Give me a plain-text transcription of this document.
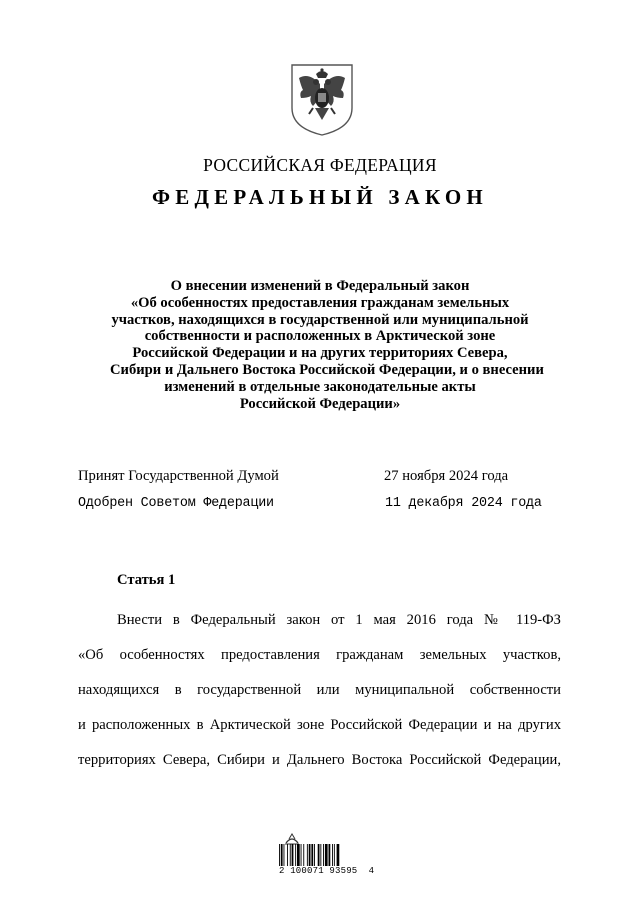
РОССИЙСКАЯ ФЕДЕРАЦИЯ
ФЕДЕРАЛЬНЫЙ ЗАКОН
О внесении изменений в Федеральный закон
«Об особенностях предоставления гражданам земельных
участков, находящихся в государственной или муниципальной
собственности и расположенных в Арктической зоне
Российской Федерации и на других территориях Севера,
Сибири и Дальнего Востока Российской Федерации, и о внесении
изменений в отдельные законодательные акты
Российской Федерации»
Принят Государственной Думой	27 ноября 2024 года
Одобрен Советом Федерации	11 декабря 2024 года
Статья 1
Внести в Федеральный закон от 1 мая 2016 года № 119-ФЗ
«Об особенностях предоставления гражданам земельных участков,
находящихся в государственной или муниципальной собственности
и расположенных в Арктической зоне Российской Федерации и на других
территориях Севера, Сибири и Дальнего Востока Российской Федерации,
2 100071 93595  4
